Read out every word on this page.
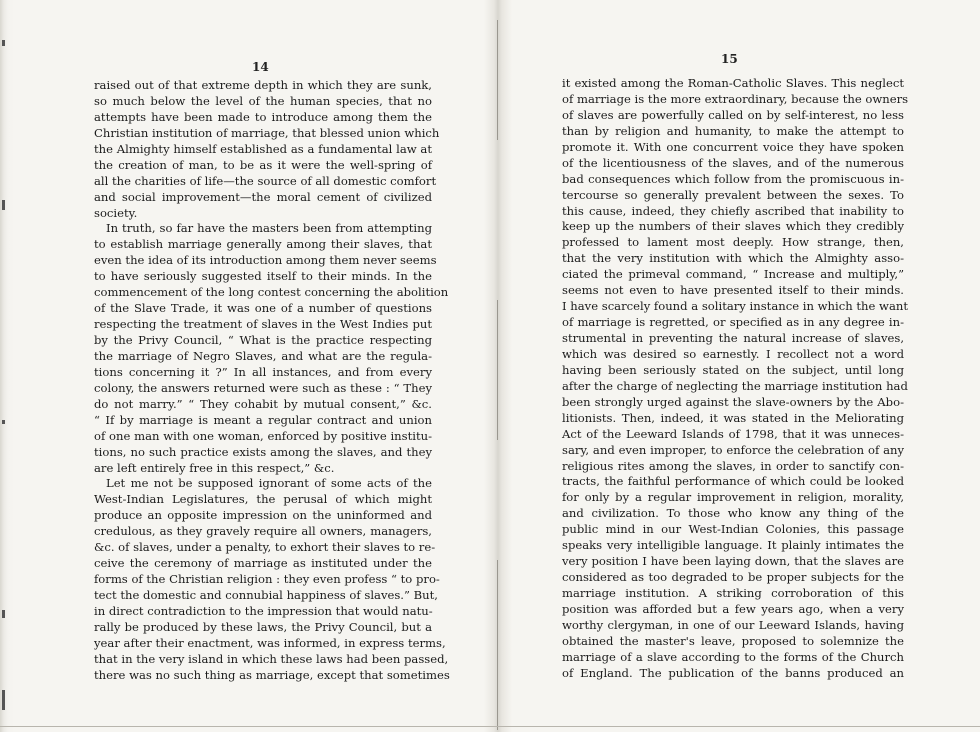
14
15
raised out of that extreme depth in which they are sunk,
so much below the level of the human species, that no
attempts have been made to introduce among them the
Christian institution of marriage, that blessed union which
the Almighty himself established as a fundamental law at
the creation of man, to be as it were the well-spring of
all the charities of life—the source of all domestic comfort
and social improvement—the moral cement of civilized
society.
In truth, so far have the masters been from attempting
to establish marriage generally among their slaves, that
even the idea of its introduction among them never seems
to have seriously suggested itself to their minds. In the
commencement of the long contest concerning the abolition
of the Slave Trade, it was one of a number of questions
respecting the treatment of slaves in the West Indies put
by the Privy Council, “ What is the practice respecting
the marriage of Negro Slaves, and what are the regula-
tions concerning it ?” In all instances, and from every
colony, the answers returned were such as these : “ They
do not marry.” “ They cohabit by mutual consent,” &c.
“ If by marriage is meant a regular contract and union
of one man with one woman, enforced by positive institu-
tions, no such practice exists among the slaves, and they
are left entirely free in this respect,” &c.
Let me not be supposed ignorant of some acts of the
West-Indian Legislatures, the perusal of which might
produce an opposite impression on the uninformed and
credulous, as they gravely require all owners, managers,
&c. of slaves, under a penalty, to exhort their slaves to re-
ceive the ceremony of marriage as instituted under the
forms of the Christian religion : they even profess “ to pro-
tect the domestic and connubial happiness of slaves.” But,
in direct contradiction to the impression that would natu-
rally be produced by these laws, the Privy Council, but a
year after their enactment, was informed, in express terms,
that in the very island in which these laws had been passed,
there was no such thing as marriage, except that sometimes
it existed among the Roman-Catholic Slaves. This neglect
of marriage is the more extraordinary, because the owners
of slaves are powerfully called on by self-interest, no less
than by religion and humanity, to make the attempt to
promote it. With one concurrent voice they have spoken
of the licentiousness of the slaves, and of the numerous
bad consequences which follow from the promiscuous in-
tercourse so generally prevalent between the sexes. To
this cause, indeed, they chiefly ascribed that inability to
keep up the numbers of their slaves which they credibly
professed to lament most deeply. How strange, then,
that the very institution with which the Almighty asso-
ciated the primeval command, “ Increase and multiply,”
seems not even to have presented itself to their minds.
I have scarcely found a solitary instance in which the want
of marriage is regretted, or specified as in any degree in-
strumental in preventing the natural increase of slaves,
which was desired so earnestly. I recollect not a word
having been seriously stated on the subject, until long
after the charge of neglecting the marriage institution had
been strongly urged against the slave-owners by the Abo-
litionists. Then, indeed, it was stated in the Meliorating
Act of the Leeward Islands of 1798, that it was unneces-
sary, and even improper, to enforce the celebration of any
religious rites among the slaves, in order to sanctify con-
tracts, the faithful performance of which could be looked
for only by a regular improvement in religion, morality,
and civilization. To those who know any thing of the
public mind in our West-Indian Colonies, this passage
speaks very intelligible language. It plainly intimates the
very position I have been laying down, that the slaves are
considered as too degraded to be proper subjects for the
marriage institution. A striking corroboration of this
position was afforded but a few years ago, when a very
worthy clergyman, in one of our Leeward Islands, having
obtained the master's leave, proposed to solemnize the
marriage of a slave according to the forms of the Church
of England. The publication of the banns produced an
